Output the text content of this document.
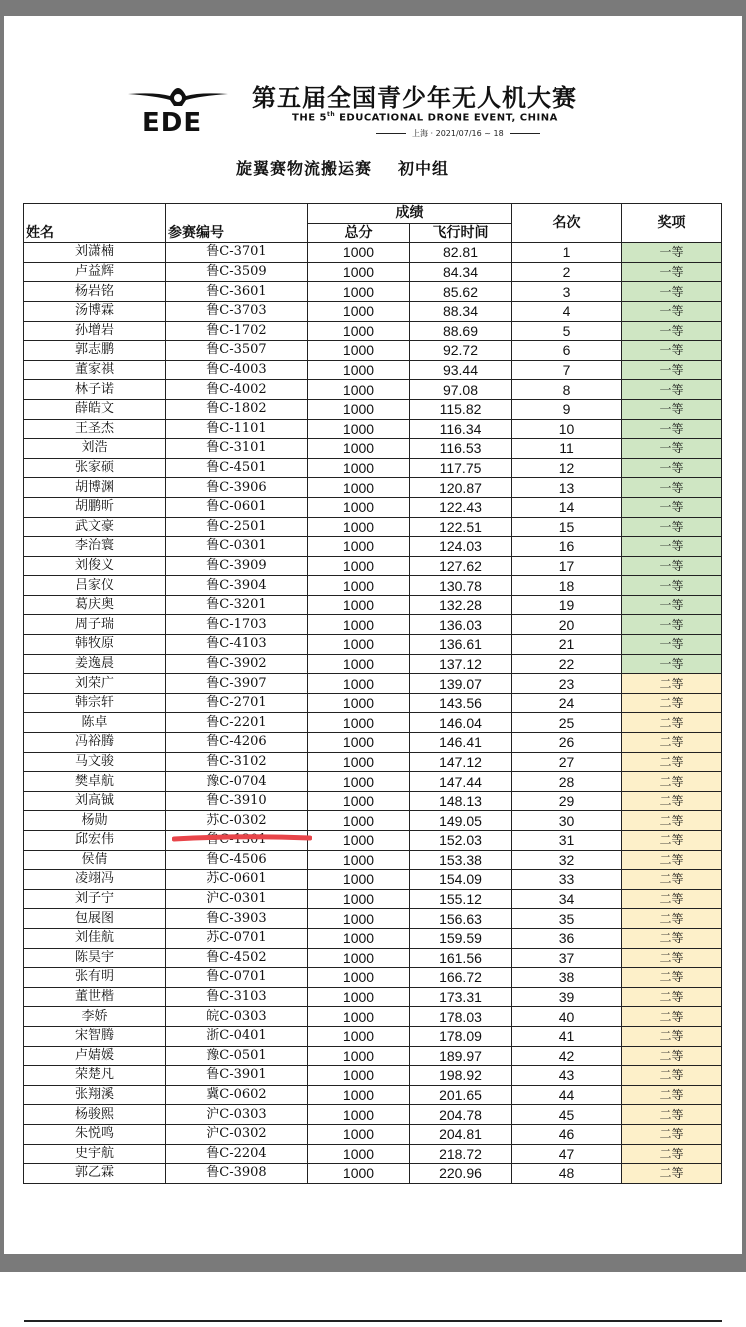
EDE
第五届全国青少年无人机大赛
THE 5th EDUCATIONAL DRONE EVENT, CHINA
上海 · 2021/07/16 ~ 18
旋翼赛物流搬运赛 初中组
姓名	参赛编号	成绩		名次	奖项
		总分	飞行时间		
刘潇楠	鲁C-3701	1000	82.81	1	一等
卢益辉	鲁C-3509	1000	84.34	2	一等
杨岩铭	鲁C-3601	1000	85.62	3	一等
汤博霖	鲁C-3703	1000	88.34	4	一等
孙增岩	鲁C-1702	1000	88.69	5	一等
郭志鹏	鲁C-3507	1000	92.72	6	一等
董家祺	鲁C-4003	1000	93.44	7	一等
林子诺	鲁C-4002	1000	97.08	8	一等
薛皓文	鲁C-1802	1000	115.82	9	一等
王圣杰	鲁C-1101	1000	116.34	10	一等
刘浩	鲁C-3101	1000	116.53	11	一等
张家硕	鲁C-4501	1000	117.75	12	一等
胡博渊	鲁C-3906	1000	120.87	13	一等
胡鹏昕	鲁C-0601	1000	122.43	14	一等
武文豪	鲁C-2501	1000	122.51	15	一等
李治寰	鲁C-0301	1000	124.03	16	一等
刘俊义	鲁C-3909	1000	127.62	17	一等
吕家仪	鲁C-3904	1000	130.78	18	一等
葛庆奥	鲁C-3201	1000	132.28	19	一等
周子瑞	鲁C-1703	1000	136.03	20	一等
韩牧原	鲁C-4103	1000	136.61	21	一等
姜逸晨	鲁C-3902	1000	137.12	22	一等
刘荣广	鲁C-3907	1000	139.07	23	二等
韩宗轩	鲁C-2701	1000	143.56	24	二等
陈卓	鲁C-2201	1000	146.04	25	二等
冯裕腾	鲁C-4206	1000	146.41	26	二等
马文骏	鲁C-3102	1000	147.12	27	二等
樊卓航	豫C-0704	1000	147.44	28	二等
刘高铖	鲁C-3910	1000	148.13	29	二等
杨勋	苏C-0302	1000	149.05	30	二等
邱宏伟	鲁C-1301	1000	152.03	31	二等
侯倩	鲁C-4506	1000	153.38	32	二等
凌翊冯	苏C-0601	1000	154.09	33	二等
刘子宁	沪C-0301	1000	155.12	34	二等
包展图	鲁C-3903	1000	156.63	35	二等
刘佳航	苏C-0701	1000	159.59	36	二等
陈昊宇	鲁C-4502	1000	161.56	37	二等
张有明	鲁C-0701	1000	166.72	38	二等
董世楷	鲁C-3103	1000	173.31	39	二等
李娇	皖C-0303	1000	178.03	40	二等
宋智腾	浙C-0401	1000	178.09	41	二等
卢婧媛	豫C-0501	1000	189.97	42	二等
荣楚凡	鲁C-3901	1000	198.92	43	二等
张翔溪	冀C-0602	1000	201.65	44	二等
杨骏熙	沪C-0303	1000	204.78	45	二等
朱悦鸣	沪C-0302	1000	204.81	46	二等
史宇航	鲁C-2204	1000	218.72	47	二等
郭乙霖	鲁C-3908	1000	220.96	48	二等
